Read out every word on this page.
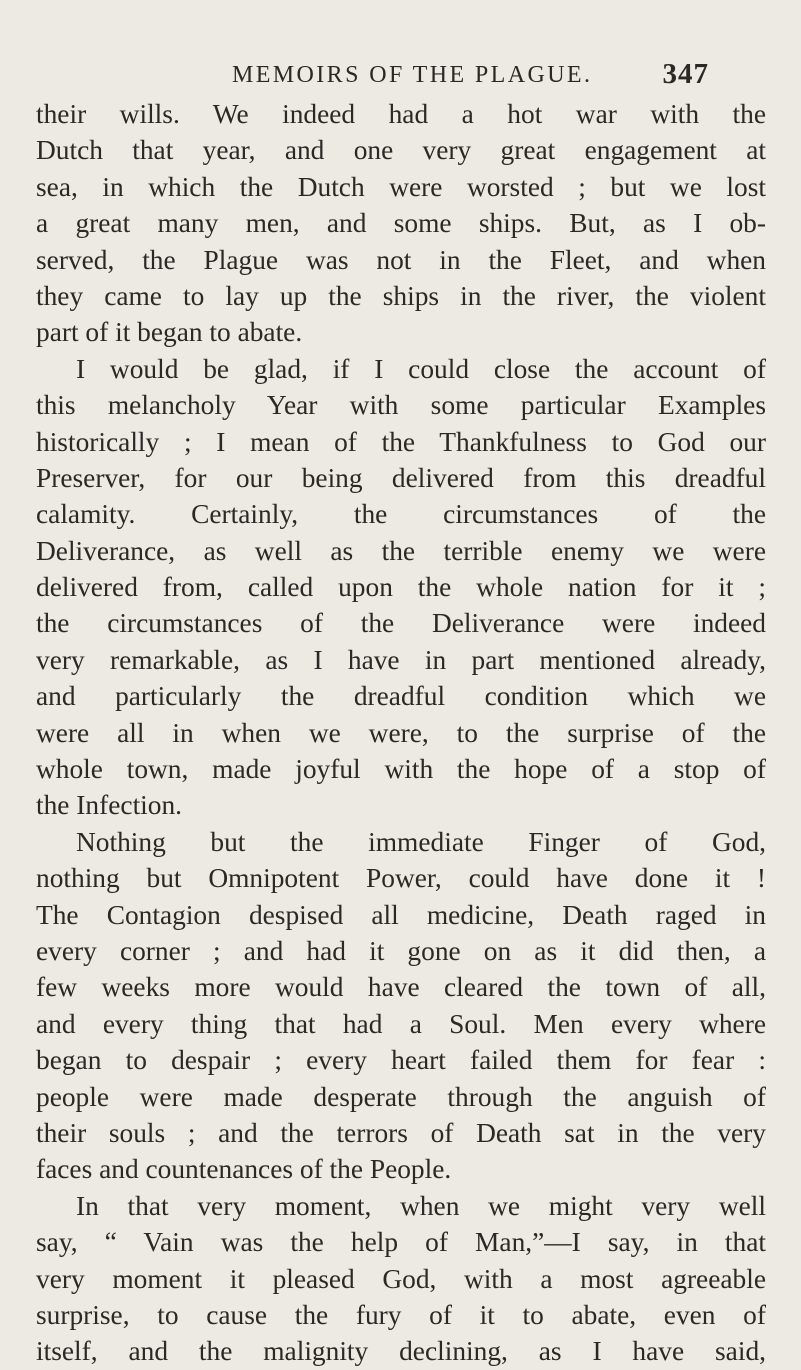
MEMOIRS OF THE PLAGUE. 347
their wills. We indeed had a hot war with the
Dutch that year, and one very great engagement at
sea, in which the Dutch were worsted ; but we lost
a great many men, and some ships. But, as I ob-
served, the Plague was not in the Fleet, and when
they came to lay up the ships in the river, the violent
part of it began to abate.
I would be glad, if I could close the account of
this melancholy Year with some particular Examples
historically ; I mean of the Thankfulness to God our
Preserver, for our being delivered from this dreadful
calamity. Certainly, the circumstances of the
Deliverance, as well as the terrible enemy we were
delivered from, called upon the whole nation for it ;
the circumstances of the Deliverance were indeed
very remarkable, as I have in part mentioned already,
and particularly the dreadful condition which we
were all in when we were, to the surprise of the
whole town, made joyful with the hope of a stop of
the Infection.
Nothing but the immediate Finger of God,
nothing but Omnipotent Power, could have done it !
The Contagion despised all medicine, Death raged in
every corner ; and had it gone on as it did then, a
few weeks more would have cleared the town of all,
and every thing that had a Soul. Men every where
began to despair ; every heart failed them for fear :
people were made desperate through the anguish of
their souls ; and the terrors of Death sat in the very
faces and countenances of the People.
In that very moment, when we might very well
say, “ Vain was the help of Man,”—I say, in that
very moment it pleased God, with a most agreeable
surprise, to cause the fury of it to abate, even of
itself, and the malignity declining, as I have said,
